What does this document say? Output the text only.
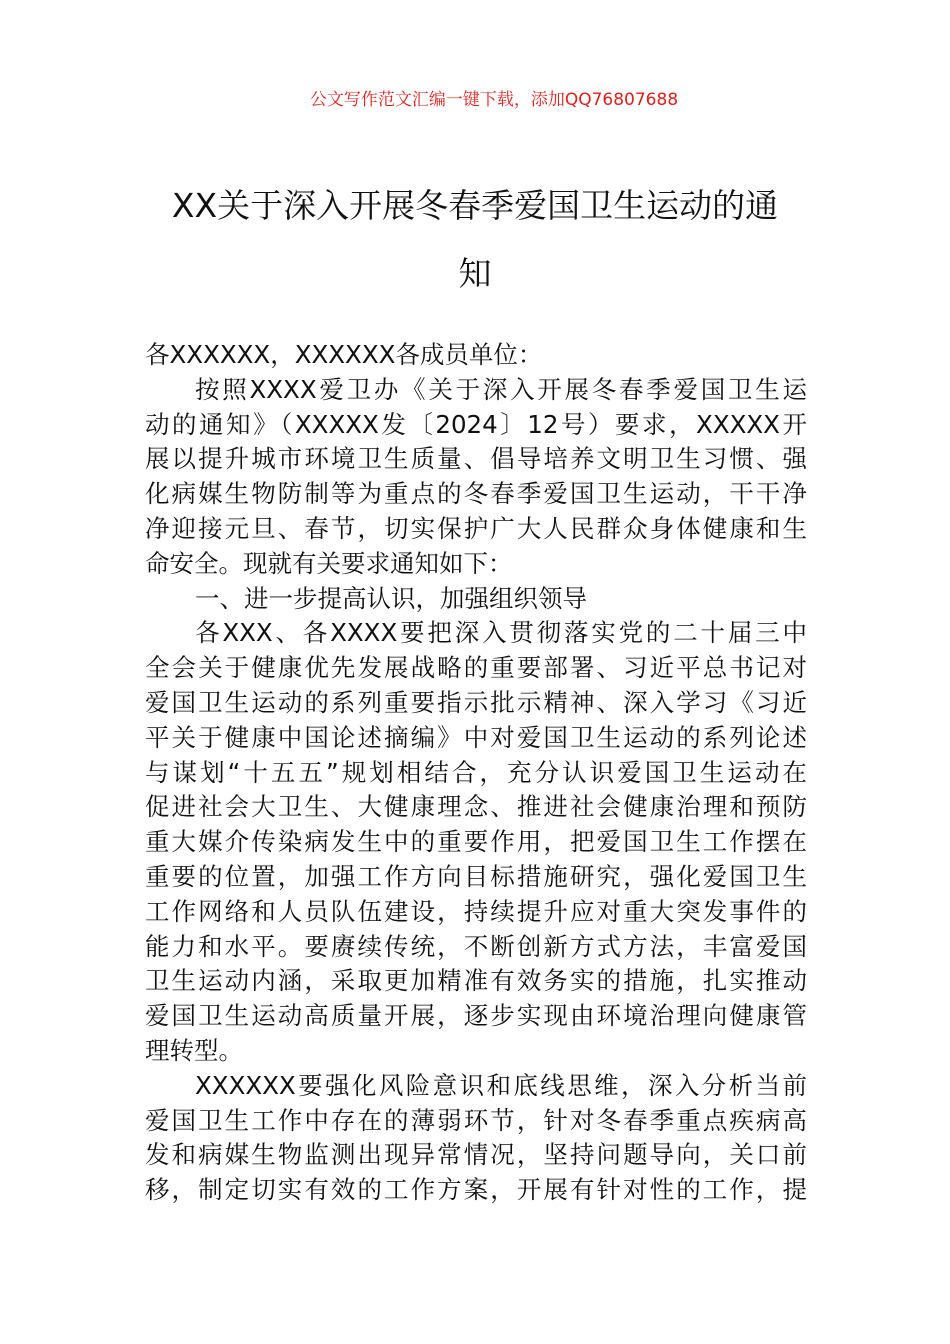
公文写作范文汇编一键下载，添加QQ76807688
XX关于深入开展冬春季爱国卫生运动的通
知
各XXXXXX，XXXXXX各成员单位：
按照XXXX爱卫办《关于深入开展冬春季爱国卫生运
动的通知》（XXXXX发〔2024〕12号）要求，XXXXX开
展以提升城市环境卫生质量、倡导培养文明卫生习惯、强
化病媒生物防制等为重点的冬春季爱国卫生运动，干干净
净迎接元旦、春节，切实保护广大人民群众身体健康和生
命安全。现就有关要求通知如下：
一、进一步提高认识，加强组织领导
各XXX、各XXXX要把深入贯彻落实党的二十届三中
全会关于健康优先发展战略的重要部署、习近平总书记对
爱国卫生运动的系列重要指示批示精神、深入学习《习近
平关于健康中国论述摘编》中对爱国卫生运动的系列论述
与谋划“十五五”规划相结合，充分认识爱国卫生运动在
促进社会大卫生、大健康理念、推进社会健康治理和预防
重大媒介传染病发生中的重要作用，把爱国卫生工作摆在
重要的位置，加强工作方向目标措施研究，强化爱国卫生
工作网络和人员队伍建设，持续提升应对重大突发事件的
能力和水平。要赓续传统，不断创新方式方法，丰富爱国
卫生运动内涵，采取更加精准有效务实的措施，扎实推动
爱国卫生运动高质量开展，逐步实现由环境治理向健康管
理转型。
XXXXXX要强化风险意识和底线思维，深入分析当前
爱国卫生工作中存在的薄弱环节，针对冬春季重点疾病高
发和病媒生物监测出现异常情况，坚持问题导向，关口前
移，制定切实有效的工作方案，开展有针对性的工作，提
